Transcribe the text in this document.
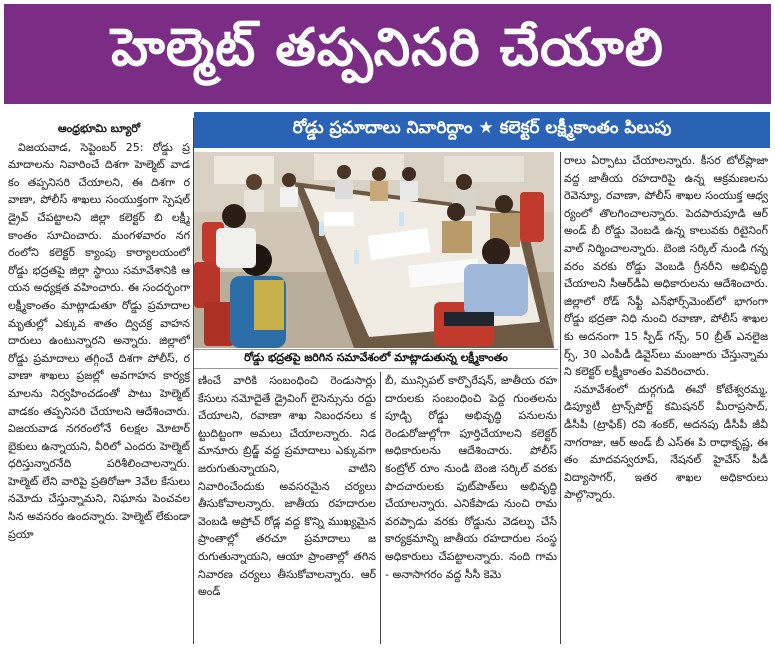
హెల్మెట్ తప్పనిసరి చేయాలి
రోడ్డు ప్రమాదాలు నివారిద్దాం ★ కలెక్టర్ లక్ష్మీకాంతం పిలుపు
రోడ్డు భద్రతపై జరిగిన సమావేశంలో మాట్లాడుతున్న లక్ష్మీకాంతం

ఆంధ్రభూమి బ్యూరో

విజయవాడ, సెప్టెంబర్ 25: రోడ్డు ప్రమాదాలను నివారించే దిశగా హెల్మెట్ వాడకం తప్పనిసరి చేయాలని, ఈ దిశగా రవాణా, పోలీస్ శాఖలు సంయుక్తంగా స్పెషల్ డ్రైవ్ చేపట్టాలని జిల్లా కలెక్టర్ బి లక్ష్మీ కాంతం సూచించారు. మంగళవారం నగరంలోని కలెక్టర్ క్యాంపు కార్యాలయంలో రోడ్డు భద్రతపై జిల్లా స్థాయి సమావేశానికి ఆయన అధ్యక్షత వహించారు. ఈ సందర్భంగా లక్ష్మీకాంతం మాట్లాడుతూ రోడ్డు ప్రమాదాల మృతుల్లో ఎక్కువ శాతం ద్విచక్ర వాహనదారులు ఉంటున్నారని అన్నారు. జిల్లాలో రోడ్డు ప్రమాదాలు తగ్గించే దిశగా పోలీస్, రవాణా శాఖలు ప్రజల్లో అవగాహన కార్యక్రమాలను నిర్వహించడంతో పాటు హెల్మెట్ వాడకం తప్పనిసరి చేయాలని ఆదేశించారు. విజయవాడ నగరంలోనే 6లక్షల మోటార్ బైకులు ఉన్నాయని, వీరిలో ఎందరు హెల్మెట్ ధరిస్తున్నారనేది పరిశీలించాలన్నారు. హెల్మెట్ లేని వారిపై ప్రతిరోజూ 3వేల కేసులు నమోదు చేస్తున్నామని, నిఘాను పెంచవలసిన అవసరం ఉందన్నారు. హెల్మెట్ లేకుండా ప్రయా

ణించే వారికి సంబంధించి రెండుసార్లు కేసులు నమోదైతే డ్రైవింగ్ లైసెన్సును రద్దు చేయాలని, రవాణా శాఖ నిబంధనలు కట్టుదిట్టంగా అమలు చేయాలన్నారు. నిడమానూరు బ్రిడ్జ్ వద్ద ప్రమాదాలు ఎక్కువగా జరుగుతున్నాయని, వాటిని నివారించేందుకు అవసరమైన చర్యలు తీసుకోవాలన్నారు. జాతీయ రహదారుల వెంబడి అప్రోచ్ రోడ్ల వద్ద కొన్ని ముఖ్యమైన ప్రాంతాల్లో తరచూ ప్రమాదాలు జరుగుతున్నాయని, ఆయా ప్రాంతాల్లో తగిన నివారణ చర్యలు తీసుకోవాలన్నారు. ఆర్ అండ్

బీ, మున్సిపల్ కార్పొరేషన్, జాతీయ రహదారులకు సంబంధించి పెద్ద గుంతలను పూడ్చి రోడ్డు అభివృద్ధి పనులను రెండురోజుల్లోగా పూర్తిచేయాలని కలెక్టర్ అధికారులను ఆదేశించారు. పోలీస్ కంట్రోల్ రూం నుండి బెంజి సర్కిల్ వరకు పాదచారులకు ఫుట్‌పాత్‌లు అభివృద్ధి చేయాలన్నారు. ఎనికేపాడు నుంచి రామవరప్పాడు వరకు రోడ్డును వెడల్పు చేసే కార్యక్రమాన్ని జాతీయ రహదారుల సంస్థ అధికారులు చేపట్టాలన్నారు. నంది గామ - అనాసాగరం వద్ద సీసీ కెమె

రాలు ఏర్పాటు చేయాలన్నారు. కీసర టోల్‌ప్లాజా వద్ద జాతీయ రహదారిపై ఉన్న ఆక్రమణలను రెవెన్యూ, రవాణా, పోలీస్ శాఖల సంయుక్త ఆధ్వర్యంలో తొలగించాలన్నారు. పెదపారుపూడి ఆర్ అండ్ బీ రోడ్డు వెంబడి ఉన్న కాలువకు రిటైనింగ్ వాల్ నిర్మించాలన్నారు. బెంజి సర్కిల్ నుండి గన్నవరం వరకు రోడ్డు వెంబడి గ్రీనరీని అభివృద్ధి చేయాలని సీఆర్‌డీఏ అధికారులను ఆదేశించారు. జిల్లాలో రోడ్ సేఫ్టీ ఎన్‌ఫోర్స్‌మెంట్‌లో భాగంగా రోడ్డు భద్రతా నిధి నుంచి రవాణా, పోలీస్ శాఖలకు అదనంగా 15 స్పీడ్ గన్స్, 50 బ్రీత్ ఎనలైజర్స్, 30 ఎంపీడీ డివైస్‌లు మంజూరు చేస్తున్నామని కలెక్టర్ లక్ష్మీకాంతం వివరించారు.

సమావేశంలో దుర్గగుడి ఈవో కోటేశ్వరమ్మ, డిప్యూటీ ట్రాన్స్‌పోర్ట్ కమిషనర్ మీరాప్రసాద్, డీసీపీ (ట్రాఫిక్) రవి శంకర్, అదనపు డీసీపీ జీవీ నాగరాజు, ఆర్ అండ్ బీ ఎస్‌ఈ పి రాధాకృష్ణ, ఈతం మాదవస్వరూప్, నేషనల్ హైవేస్ పీడీ విద్యాసాగర్, ఇతర శాఖల అధికారులు పాల్గొన్నారు.
